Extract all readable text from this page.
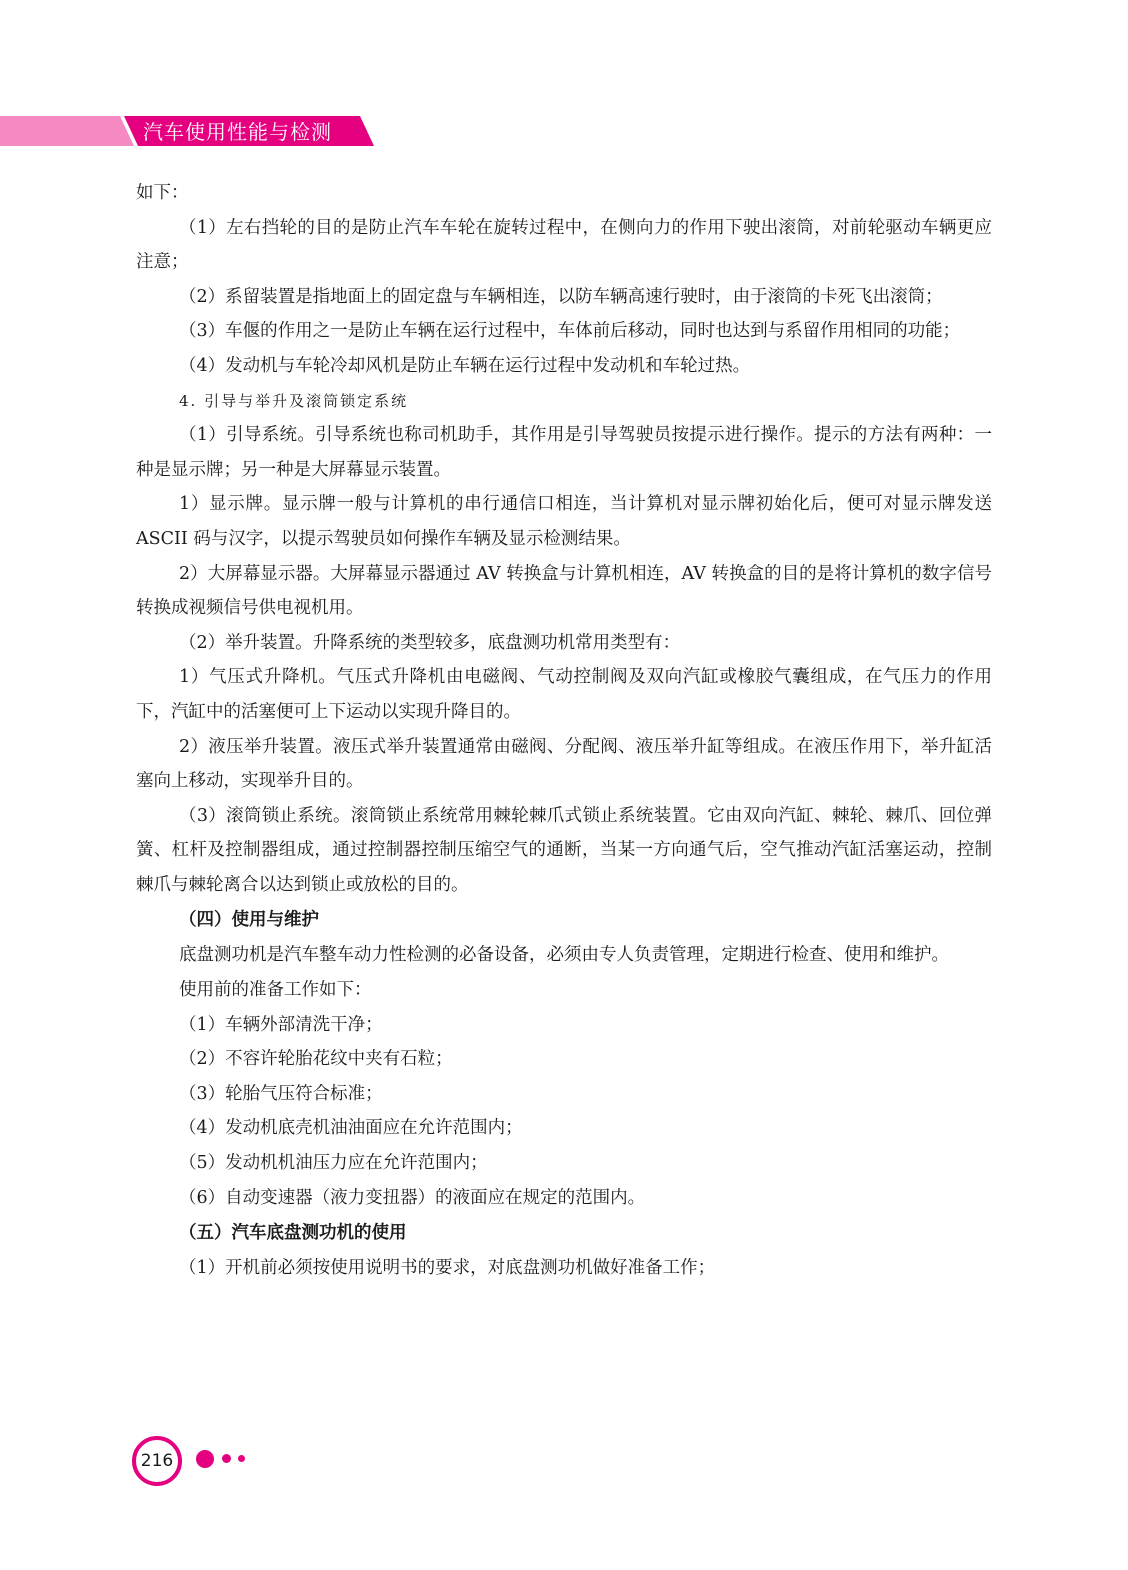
汽车使用性能与检测

如下：

（1）左右挡轮的目的是防止汽车车轮在旋转过程中，在侧向力的作用下驶出滚筒，对前轮驱动车辆更应注意；

（2）系留装置是指地面上的固定盘与车辆相连，以防车辆高速行驶时，由于滚筒的卡死飞出滚筒；

（3）车偃的作用之一是防止车辆在运行过程中，车体前后移动，同时也达到与系留作用相同的功能；

（4）发动机与车轮冷却风机是防止车辆在运行过程中发动机和车轮过热。

4. 引导与举升及滚筒锁定系统

（1）引导系统。引导系统也称司机助手，其作用是引导驾驶员按提示进行操作。提示的方法有两种：一种是显示牌；另一种是大屏幕显示装置。

1）显示牌。显示牌一般与计算机的串行通信口相连，当计算机对显示牌初始化后，便可对显示牌发送 ASCII 码与汉字，以提示驾驶员如何操作车辆及显示检测结果。

2）大屏幕显示器。大屏幕显示器通过 AV 转换盒与计算机相连，AV 转换盒的目的是将计算机的数字信号转换成视频信号供电视机用。

（2）举升装置。升降系统的类型较多，底盘测功机常用类型有：

1）气压式升降机。气压式升降机由电磁阀、气动控制阀及双向汽缸或橡胶气囊组成，在气压力的作用下，汽缸中的活塞便可上下运动以实现升降目的。

2）液压举升装置。液压式举升装置通常由磁阀、分配阀、液压举升缸等组成。在液压作用下，举升缸活塞向上移动，实现举升目的。

（3）滚筒锁止系统。滚筒锁止系统常用棘轮棘爪式锁止系统装置。它由双向汽缸、棘轮、棘爪、回位弹簧、杠杆及控制器组成，通过控制器控制压缩空气的通断，当某一方向通气后，空气推动汽缸活塞运动，控制棘爪与棘轮离合以达到锁止或放松的目的。

（四）使用与维护

底盘测功机是汽车整车动力性检测的必备设备，必须由专人负责管理，定期进行检查、使用和维护。

使用前的准备工作如下：

（1）车辆外部清洗干净；

（2）不容许轮胎花纹中夹有石粒；

（3）轮胎气压符合标准；

（4）发动机底壳机油油面应在允许范围内；

（5）发动机机油压力应在允许范围内；

（6）自动变速器（液力变扭器）的液面应在规定的范围内。

（五）汽车底盘测功机的使用

（1）开机前必须按使用说明书的要求，对底盘测功机做好准备工作；

216
